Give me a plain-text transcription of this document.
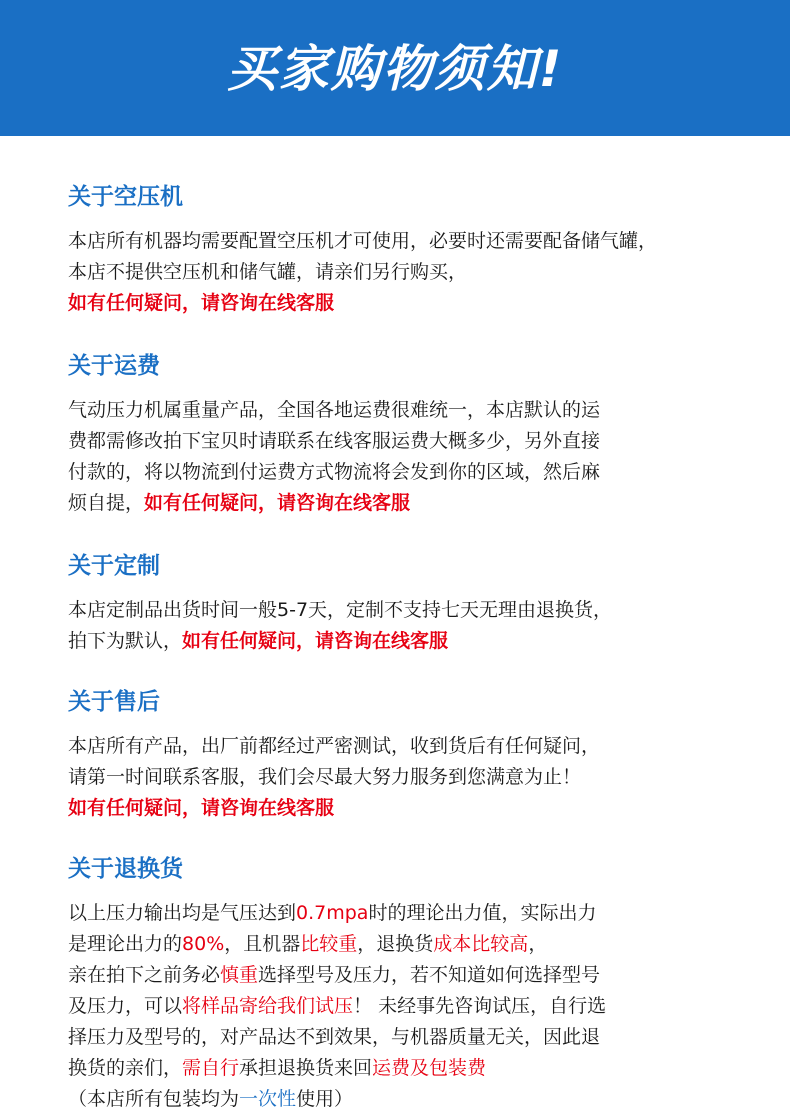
买家购物须知!
关于空压机
本店所有机器均需要配置空压机才可使用，必要时还需要配备储气罐，
本店不提供空压机和储气罐，请亲们另行购买，
如有任何疑问，请咨询在线客服
关于运费
气动压力机属重量产品，全国各地运费很难统一，本店默认的运
费都需修改拍下宝贝时请联系在线客服运费大概多少，另外直接
付款的，将以物流到付运费方式物流将会发到你的区域，然后麻
烦自提，如有任何疑问，请咨询在线客服
关于定制
本店定制品出货时间一般5-7天，定制不支持七天无理由退换货，
拍下为默认，如有任何疑问，请咨询在线客服
关于售后
本店所有产品，出厂前都经过严密测试，收到货后有任何疑问，
请第一时间联系客服，我们会尽最大努力服务到您满意为止！
如有任何疑问，请咨询在线客服
关于退换货
以上压力输出均是气压达到0.7mpa时的理论出力值，实际出力
是理论出力的80%，且机器比较重，退换货成本比较高，
亲在拍下之前务必慎重选择型号及压力，若不知道如何选择型号
及压力，可以将样品寄给我们试压！ 未经事先咨询试压，自行选
择压力及型号的，对产品达不到效果，与机器质量无关，因此退
换货的亲们，需自行承担退换货来回运费及包装费
（本店所有包装均为一次性使用）
